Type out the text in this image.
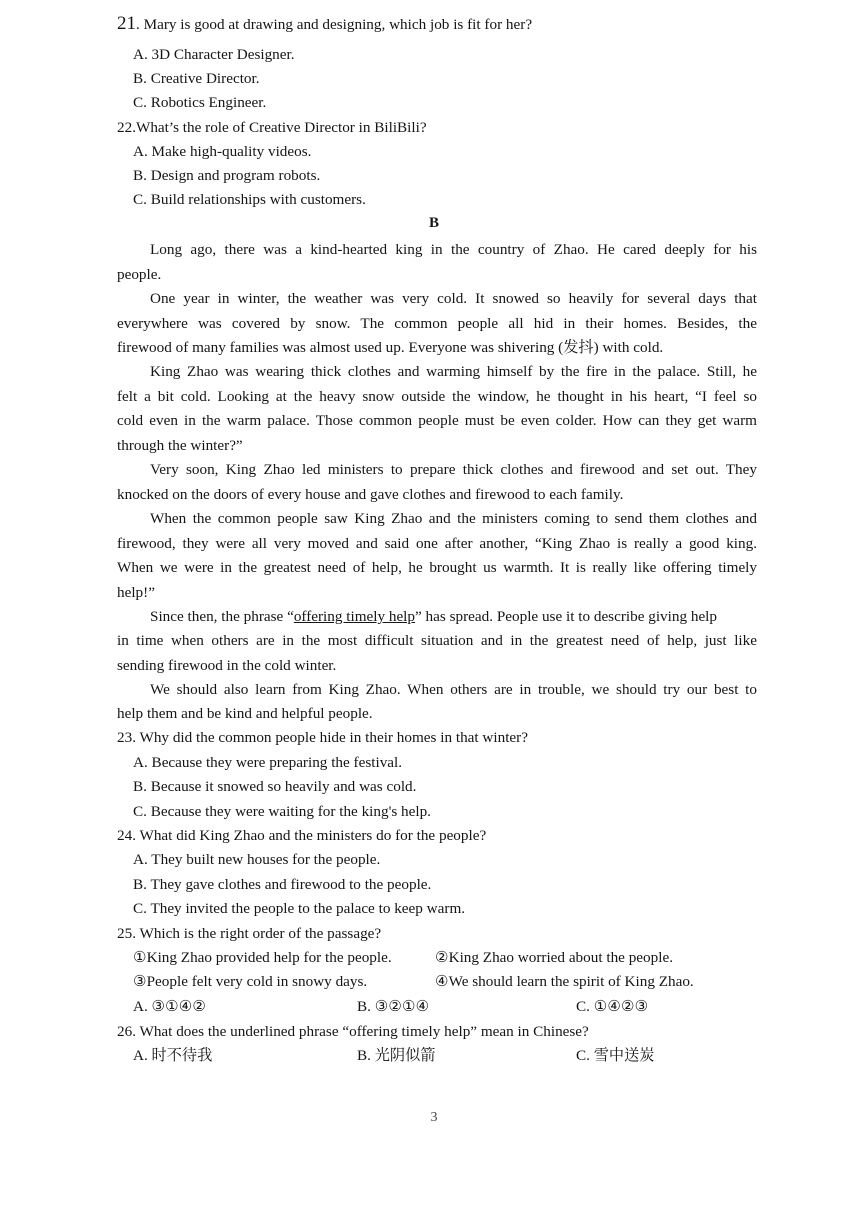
21. Mary is good at drawing and designing, which job is fit for her?
A. 3D Character Designer.
B. Creative Director.
C. Robotics Engineer.
22.What’s the role of Creative Director in BiliBili?
A. Make high-quality videos.
B. Design and program robots.
C. Build relationships with customers.
B
Long ago, there was a kind-hearted king in the country of Zhao. He cared deeply for his
people.
One year in winter, the weather was very cold. It snowed so heavily for several days that
everywhere was covered by snow. The common people all hid in their homes. Besides, the
firewood of many families was almost used up. Everyone was shivering (发抖) with cold.
King Zhao was wearing thick clothes and warming himself by the fire in the palace. Still, he
felt a bit cold. Looking at the heavy snow outside the window, he thought in his heart, “I feel so
cold even in the warm palace. Those common people must be even colder. How can they get warm
through the winter?”
Very soon, King Zhao led ministers to prepare thick clothes and firewood and set out. They
knocked on the doors of every house and gave clothes and firewood to each family.
When the common people saw King Zhao and the ministers coming to send them clothes and
firewood, they were all very moved and said one after another, “King Zhao is really a good king.
When we were in the greatest need of help, he brought us warmth. It is really like offering timely
help!”
Since then, the phrase “offering timely help” has spread. People use it to describe giving help
in time when others are in the most difficult situation and in the greatest need of help, just like
sending firewood in the cold winter.
We should also learn from King Zhao. When others are in trouble, we should try our best to
help them and be kind and helpful people.
23. Why did the common people hide in their homes in that winter?
A. Because they were preparing the festival.
B. Because it snowed so heavily and was cold.
C. Because they were waiting for the king's help.
24. What did King Zhao and the ministers do for the people?
A. They built new houses for the people.
B. They gave clothes and firewood to the people.
C. They invited the people to the palace to keep warm.
25. Which is the right order of the passage?
①King Zhao provided help for the people.	②King Zhao worried about the people.
③People felt very cold in snowy days.	④We should learn the spirit of King Zhao.
A. ③①④②	B. ③②①④	C. ①④②③
26. What does the underlined phrase “offering timely help” mean in Chinese?
A. 时不待我	B. 光阴似箭	C. 雪中送炭
3
